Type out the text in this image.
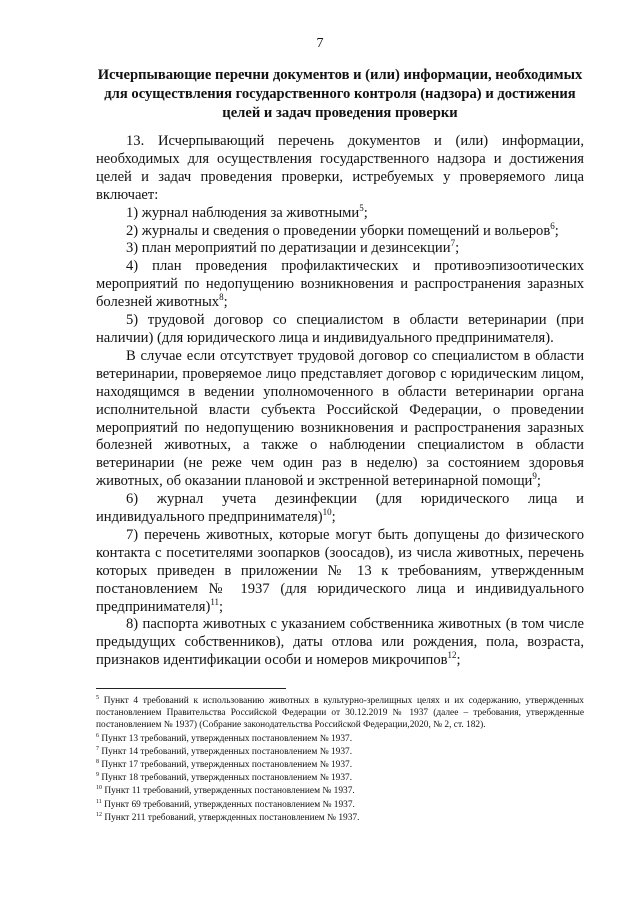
7
Исчерпывающие перечни документов и (или) информации, необходимых для осуществления государственного контроля (надзора) и достижения целей и задач проведения проверки

13. Исчерпывающий перечень документов и (или) информации, необходимых для осуществления государственного надзора и достижения целей и задач проведения проверки, истребуемых у проверяемого лица включает:

1) журнал наблюдения за животными$^5$;

2) журналы и сведения о проведении уборки помещений и вольеров$^6$;

3) план мероприятий по дератизации и дезинсекции$^7$;

4) план проведения профилактических и противоэпизоотических мероприятий по недопущению возникновения и распространения заразных болезней животных$^8$;

5) трудовой договор со специалистом в области ветеринарии (при наличии) (для юридического лица и индивидуального предпринимателя).

В случае если отсутствует трудовой договор со специалистом в области ветеринарии, проверяемое лицо представляет договор с юридическим лицом, находящимся в ведении уполномоченного в области ветеринарии органа исполнительной власти субъекта Российской Федерации, о проведении мероприятий по недопущению возникновения и распространения заразных болезней животных, а также о наблюдении специалистом в области ветеринарии (не реже чем один раз в неделю) за состоянием здоровья животных, об оказании плановой и экстренной ветеринарной помощи$^9$;

6) журнал учета дезинфекции (для юридического лица и индивидуального предпринимателя)$^{10}$;

7) перечень животных, которые могут быть допущены до физического контакта с посетителями зоопарков (зоосадов), из числа животных, перечень которых приведен в приложении № 13 к требованиям, утвержденным постановлением № 1937 (для юридического лица и индивидуального предпринимателя)$^{11}$;

8) паспорта животных с указанием собственника животных (в том числе предыдущих собственников), даты отлова или рождения, пола, возраста, признаков идентификации особи и номеров микрочипов$^{12}$;

$^5$ Пункт 4 требований к использованию животных в культурно-зрелищных целях и их содержанию, утвержденных постановлением Правительства Российской Федерации от 30.12.2019 № 1937 (далее – требования, утвержденные постановлением № 1937) (Собрание законодательства Российской Федерации,2020, № 2, ст. 182).

$^6$ Пункт 13 требований, утвержденных постановлением № 1937.

$^7$ Пункт 14 требований, утвержденных постановлением № 1937.

$^8$ Пункт 17 требований, утвержденных постановлением № 1937.

$^9$ Пункт 18 требований, утвержденных постановлением № 1937.

$^{10}$ Пункт 11 требований, утвержденных постановлением № 1937.

$^{11}$ Пункт 69 требований, утвержденных постановлением № 1937.

$^{12}$ Пункт 211 требований, утвержденных постановлением № 1937.
